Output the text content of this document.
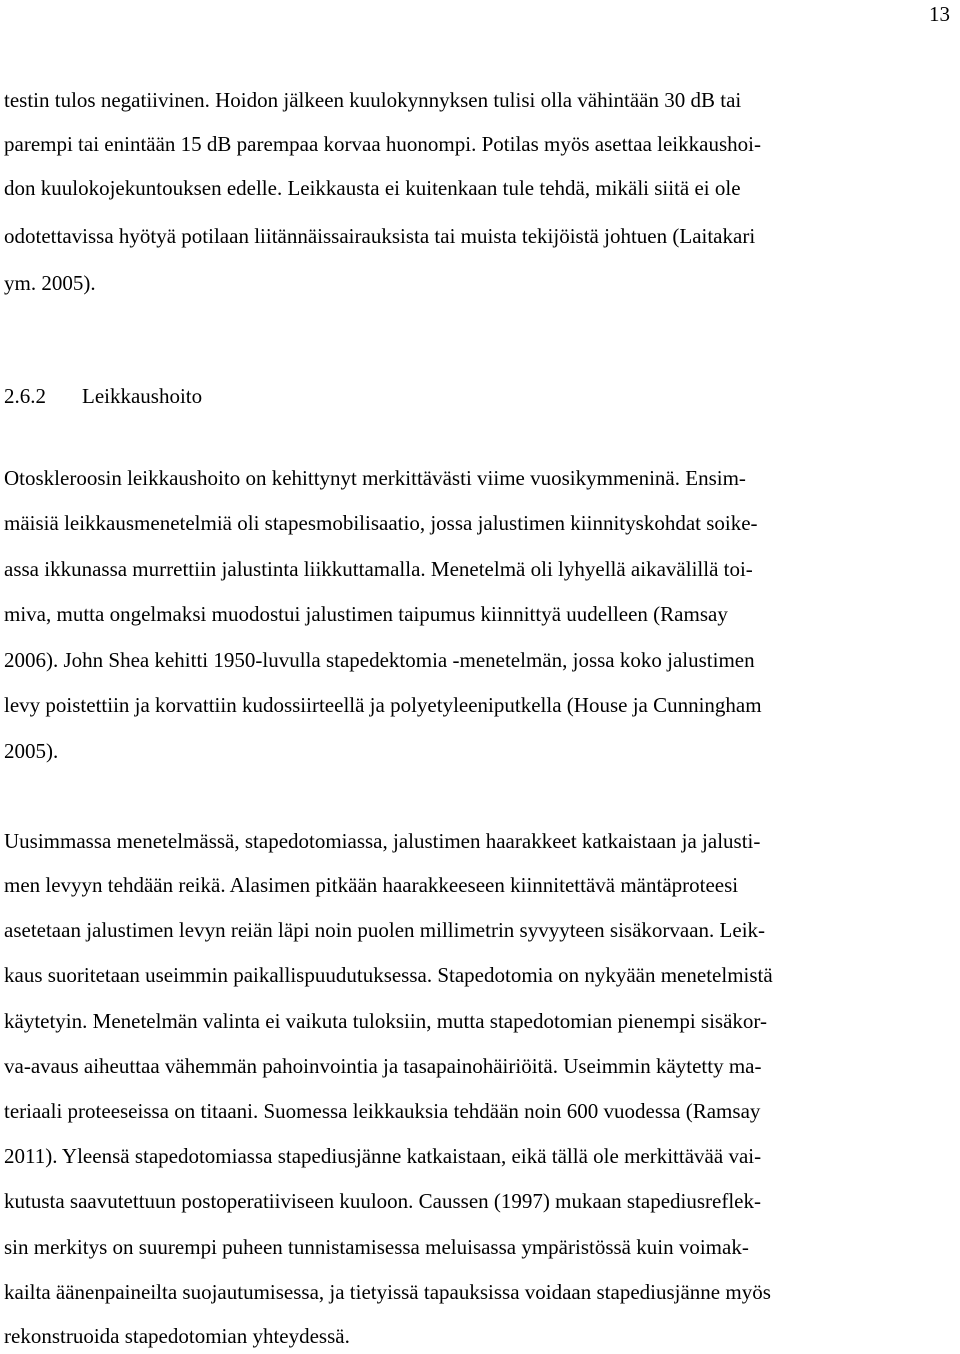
13
testin tulos negatiivinen. Hoidon jälkeen kuulokynnyksen tulisi olla vähintään 30 dB tai
parempi tai enintään 15 dB parempaa korvaa huonompi. Potilas myös asettaa leikkaushoi-
don kuulokojekuntouksen edelle. Leikkausta ei kuitenkaan tule tehdä, mikäli siitä ei ole
odotettavissa hyötyä potilaan liitännäissairauksista tai muista tekijöistä johtuen (Laitakari
ym. 2005).
2.6.2 Leikkaushoito
Otoskleroosin leikkaushoito on kehittynyt merkittävästi viime vuosikymmeninä. Ensim-
mäisiä leikkausmenetelmiä oli stapesmobilisaatio, jossa jalustimen kiinnityskohdat soike-
assa ikkunassa murrettiin jalustinta liikkuttamalla. Menetelmä oli lyhyellä aikavälillä toi-
miva, mutta ongelmaksi muodostui jalustimen taipumus kiinnittyä uudelleen (Ramsay
2006). John Shea kehitti 1950-luvulla stapedektomia -menetelmän, jossa koko jalustimen
levy poistettiin ja korvattiin kudossiirteellä ja polyetyleeniputkella (House ja Cunningham
2005).
Uusimmassa menetelmässä, stapedotomiassa, jalustimen haarakkeet katkaistaan ja jalusti-
men levyyn tehdään reikä. Alasimen pitkään haarakkeeseen kiinnitettävä mäntäproteesi
asetetaan jalustimen levyn reiän läpi noin puolen millimetrin syvyyteen sisäkorvaan. Leik-
kaus suoritetaan useimmin paikallispuudutuksessa. Stapedotomia on nykyään menetelmistä
käytetyin. Menetelmän valinta ei vaikuta tuloksiin, mutta stapedotomian pienempi sisäkor-
va-avaus aiheuttaa vähemmän pahoinvointia ja tasapainohäiriöitä. Useimmin käytetty ma-
teriaali proteeseissa on titaani. Suomessa leikkauksia tehdään noin 600 vuodessa (Ramsay
2011). Yleensä stapedotomiassa stapediusjänne katkaistaan, eikä tällä ole merkittävää vai-
kutusta saavutettuun postoperatiiviseen kuuloon. Caussen (1997) mukaan stapediusreflek-
sin merkitys on suurempi puheen tunnistamisessa meluisassa ympäristössä kuin voimak-
kailta äänenpaineilta suojautumisessa, ja tietyissä tapauksissa voidaan stapediusjänne myös
rekonstruoida stapedotomian yhteydessä.
